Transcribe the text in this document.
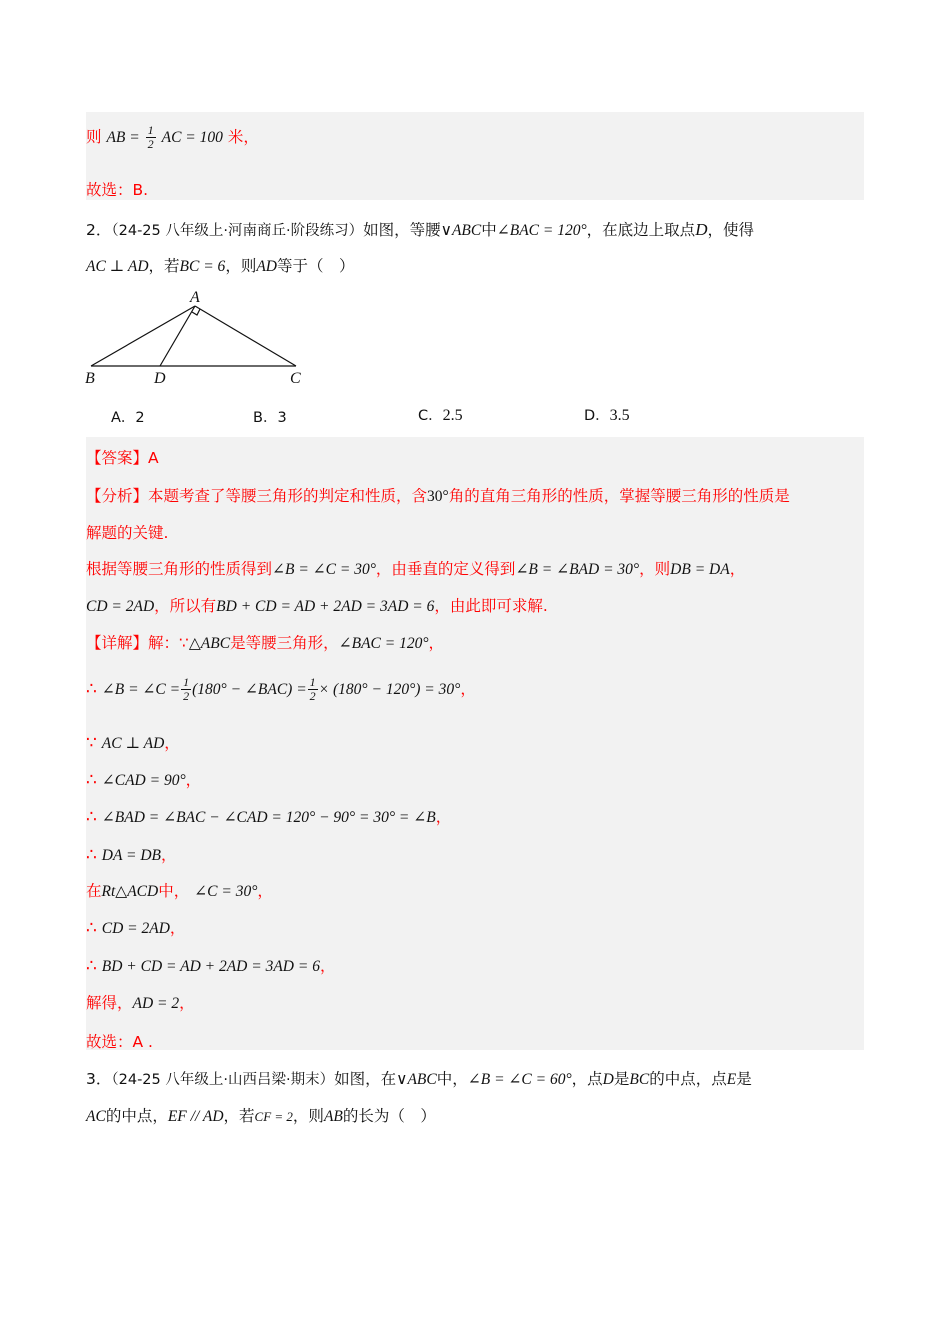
则 AB = $\frac{1}{2}$ AC = 100 米，
故选：B.
2．（24-25 八年级上·河南商丘·阶段练习）如图，等腰∨ABC中∠BAC = 120°，在底边上取点D，使得
AC ⊥ AD，若BC = 6，则AD等于（　）
A
B	D	C
A．2	B．3	C．2.5	D．3.5
【答案】A
【分析】本题考查了等腰三角形的判定和性质，含30°角的直角三角形的性质，掌握等腰三角形的性质是
解题的关键.
根据等腰三角形的性质得到∠B = ∠C = 30°，由垂直的定义得到∠B = ∠BAD = 30°，则DB = DA，
CD = 2AD，所以有BD + CD = AD + 2AD = 3AD = 6，由此即可求解.
【详解】解：∵△ABC是等腰三角形，∠BAC = 120°，
∴ ∠B = ∠C = $\frac{1}{2} (180^\circ$ − ∠BAC) = $\frac{1}{2} \times (180^\circ - 120^\circ) = 30^\circ$，
∵ AC ⊥ AD，
∴ ∠CAD = 90°，
∴ ∠BAD = ∠BAC − ∠CAD = 120° − 90° = 30° = ∠B，
∴ DA = DB，
在Rt△ACD中， ∠C = 30°，
∴ CD = 2AD，
∴ BD + CD = AD + 2AD = 3AD = 6，
解得，AD = 2，
故选：A .
3．（24-25 八年级上·山西吕梁·期末）如图，在∨ABC中，∠B = ∠C = 60°，点D是BC的中点，点E是
AC的中点，EF // AD，若CF = 2，则AB的长为（　）
